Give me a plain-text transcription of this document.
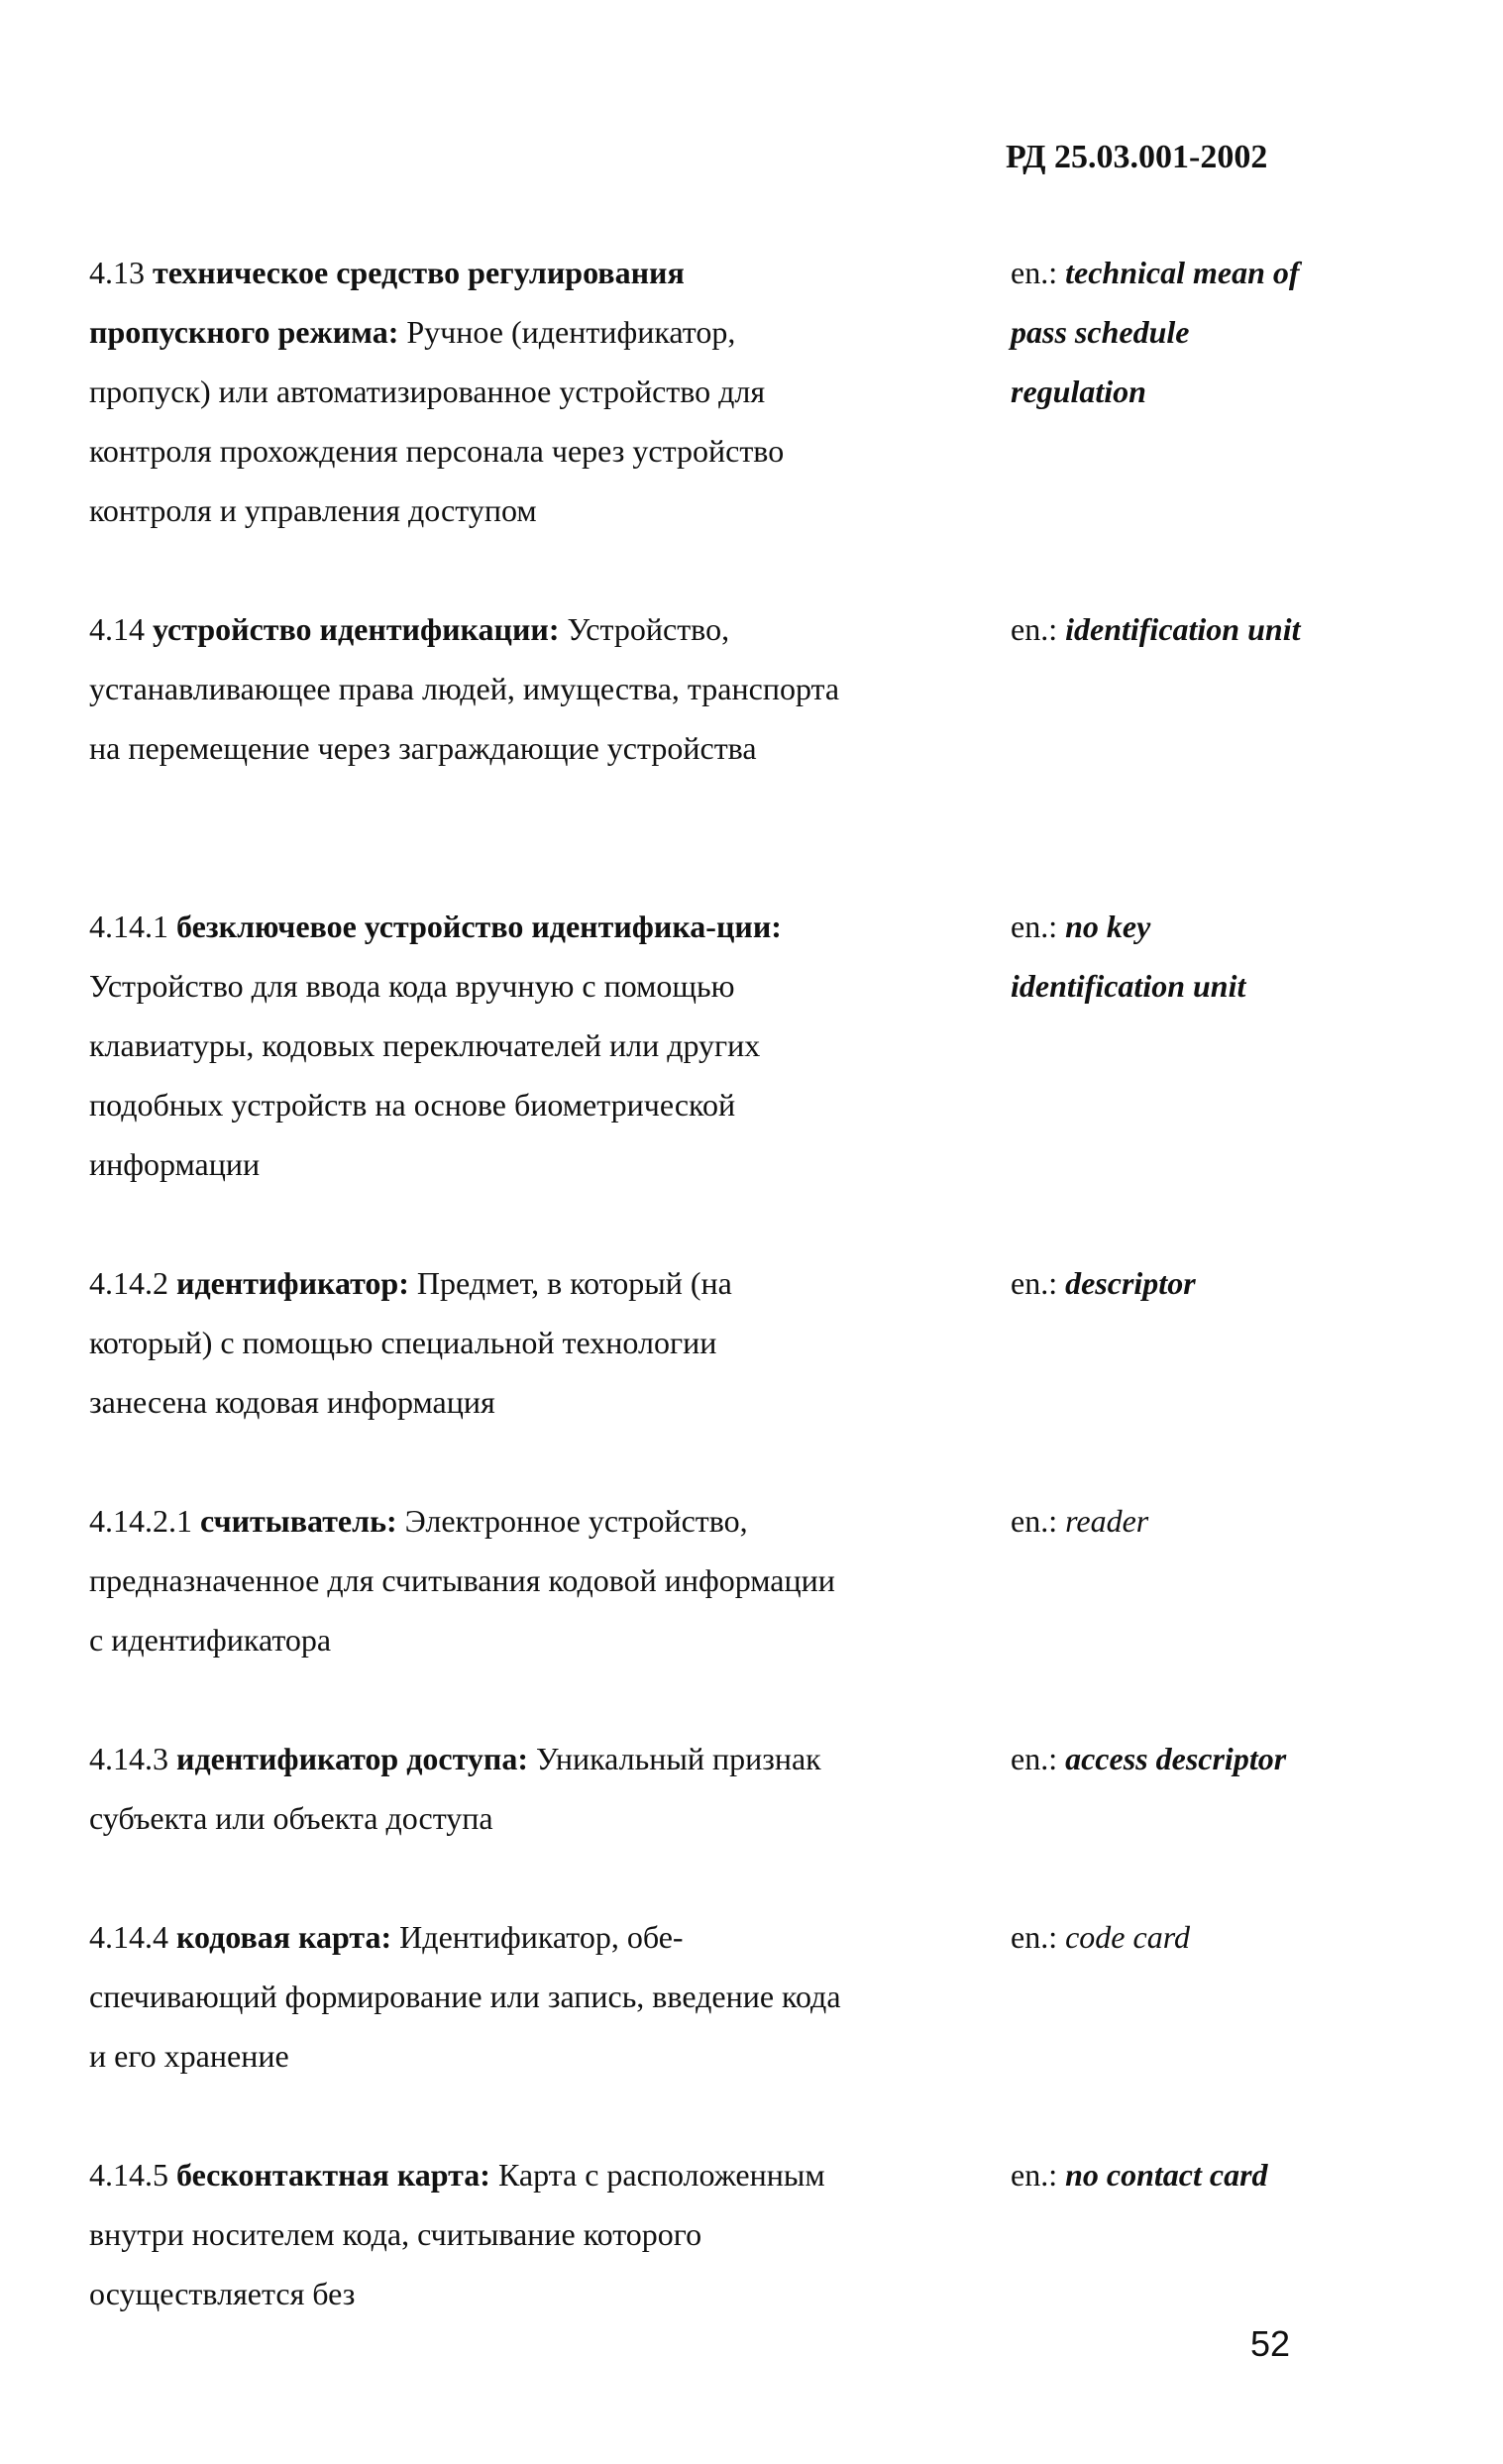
РД 25.03.001-2002
4.13 техническое средство регулирования пропускного режима: Ручное (идентификатор, пропуск) или автоматизированное устройство для контроля прохождения персонала через устройство контроля и управления доступом
en.: technical mean of pass schedule regulation
4.14 устройство идентификации: Устройство, устанавливающее права людей, имущества, транспорта на перемещение через заграждающие устройства
en.: identification unit
4.14.1 безключевое устройство идентифика-ции: Устройство для ввода кода вручную с помощью клавиатуры, кодовых переключателей или других подобных устройств на основе биометрической информации
en.: no key identification unit
4.14.2 идентификатор: Предмет, в который (на который) с помощью специальной технологии занесена кодовая информация
en.: descriptor
4.14.2.1 считыватель: Электронное устройство, предназначенное для считывания кодовой информации с идентификатора
en.: reader
4.14.3 идентификатор доступа: Уникальный признак субъекта или объекта доступа
en.: access descriptor
4.14.4 кодовая карта: Идентификатор, обе-спечивающий формирование или запись, введение кода и его хранение
en.: code card
4.14.5 бесконтактная карта: Карта с расположенным внутри носителем кода, считывание которого осуществляется без
en.: no contact card
52
